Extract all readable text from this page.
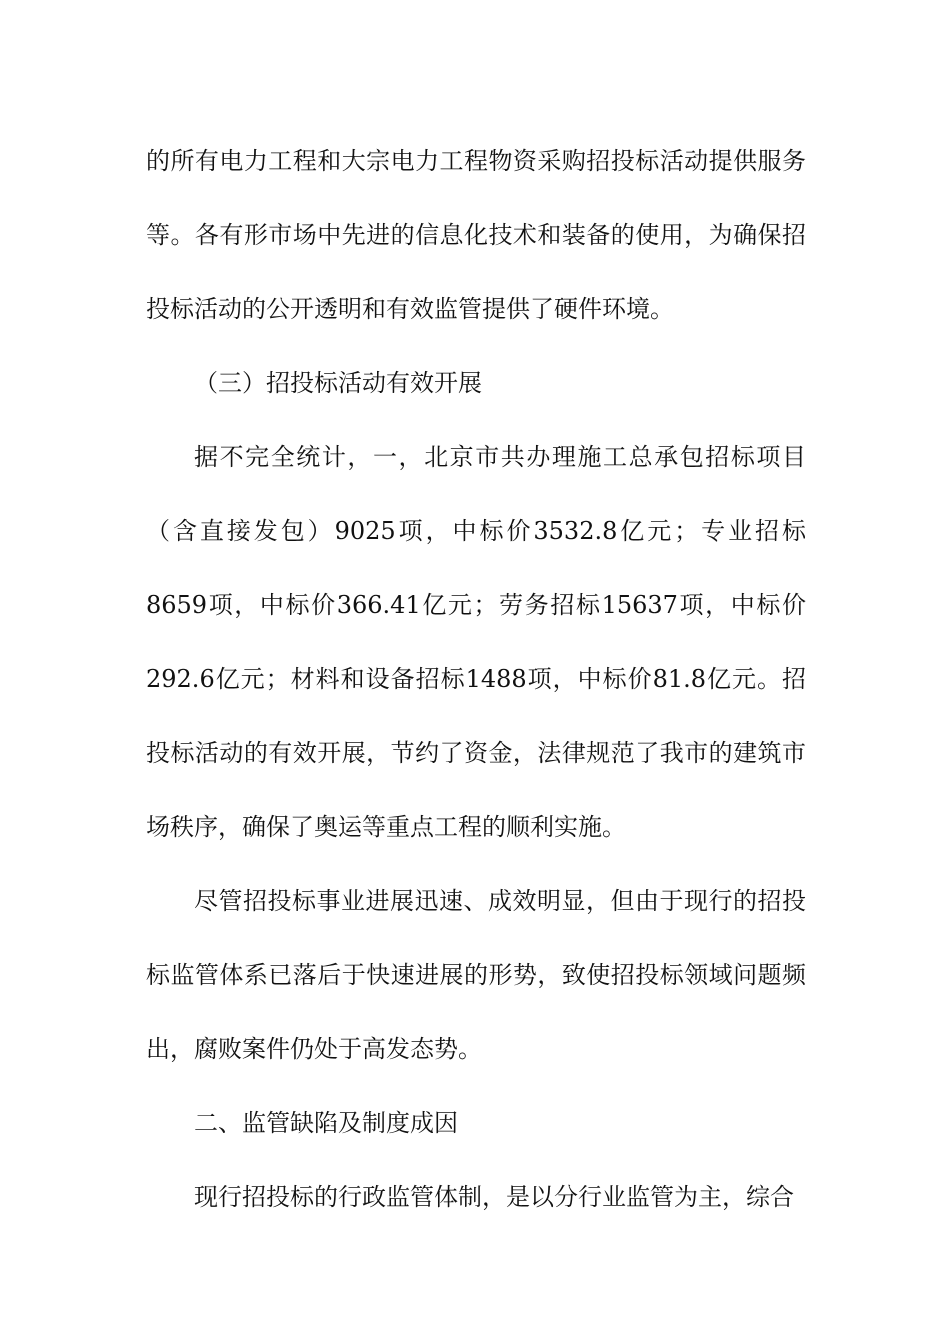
的所有电力工程和大宗电力工程物资采购招投标活动提供服务等。各有形市场中先进的信息化技术和装备的使用，为确保招投标活动的公开透明和有效监管提供了硬件环境。

（三）招投标活动有效开展

据不完全统计，一，北京市共办理施工总承包招标项目（含直接发包）9025项，中标价3532.8亿元；专业招标8659项，中标价366.41亿元；劳务招标15637项，中标价292.6亿元；材料和设备招标1488项，中标价81.8亿元。招投标活动的有效开展，节约了资金，法律规范了我市的建筑市场秩序，确保了奥运等重点工程的顺利实施。

尽管招投标事业进展迅速、成效明显，但由于现行的招投标监管体系已落后于快速进展的形势，致使招投标领域问题频出，腐败案件仍处于高发态势。

二、监管缺陷及制度成因

现行招投标的行政监管体制，是以分行业监管为主，综合
